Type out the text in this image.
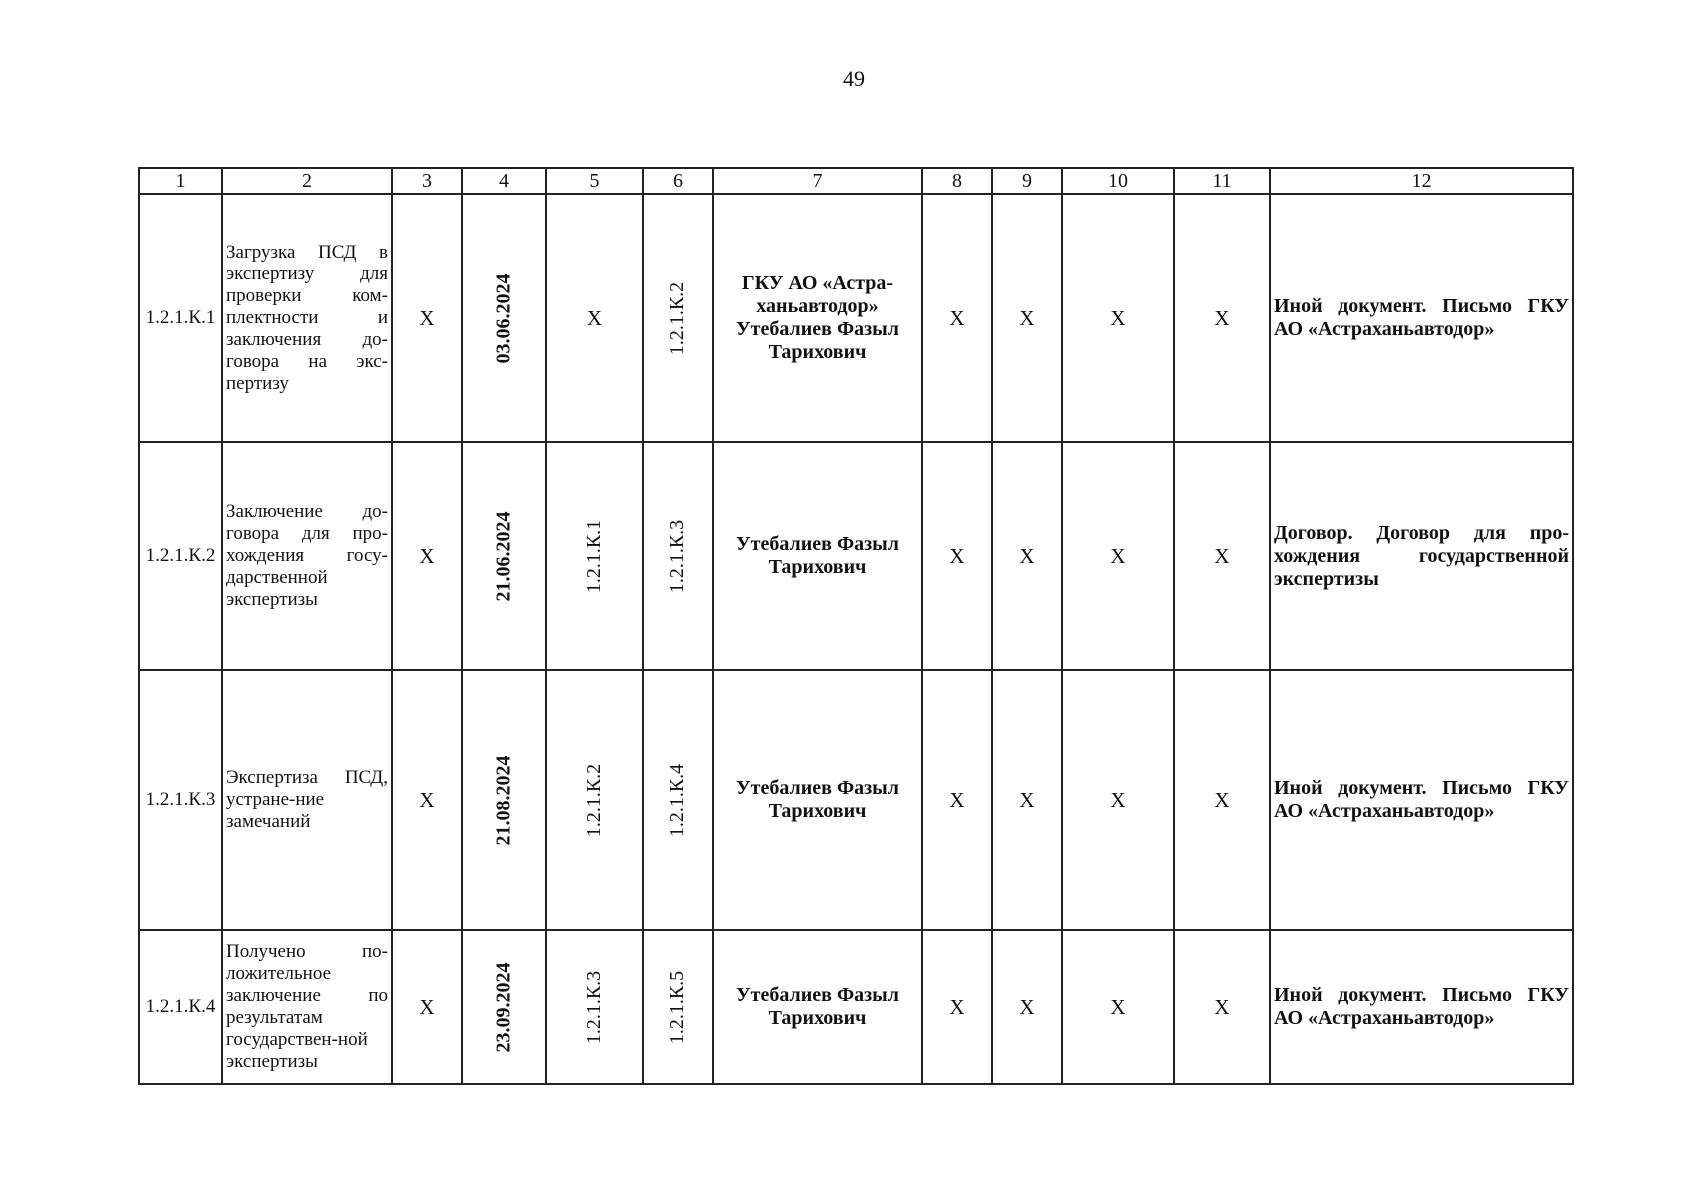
49
1	2	3	4	5	6	7	8	9	10	11	12
1.2.1.К.1	Загрузка ПСД в экспертизу для проверки ком-плектности и заключения до-говора на экс-пертизу	X	03.06.2024	X	1.2.1.К.2	ГКУ АО «Астра-ханьавтодор» Утебалиев Фазыл Тарихович	X	X	X	X	Иной документ. Письмо ГКУ АО «Астраханьавтодор»
1.2.1.К.2	Заключение до-говора для про-хождения госу-дарственной экспертизы	X	21.06.2024	1.2.1.К.1	1.2.1.К.3	Утебалиев Фазыл Тарихович	X	X	X	X	Договор. Договор для про-хождения государственной экспертизы
1.2.1.К.3	Экспертиза ПСД, устране-ние замечаний	X	21.08.2024	1.2.1.К.2	1.2.1.К.4	Утебалиев Фазыл Тарихович	X	X	X	X	Иной документ. Письмо ГКУ АО «Астраханьавтодор»
1.2.1.К.4	Получено по-ложительное заключение по результатам государствен-ной экспертизы	X	23.09.2024	1.2.1.К.3	1.2.1.К.5	Утебалиев Фазыл Тарихович	X	X	X	X	Иной документ. Письмо ГКУ АО «Астраханьавтодор»
